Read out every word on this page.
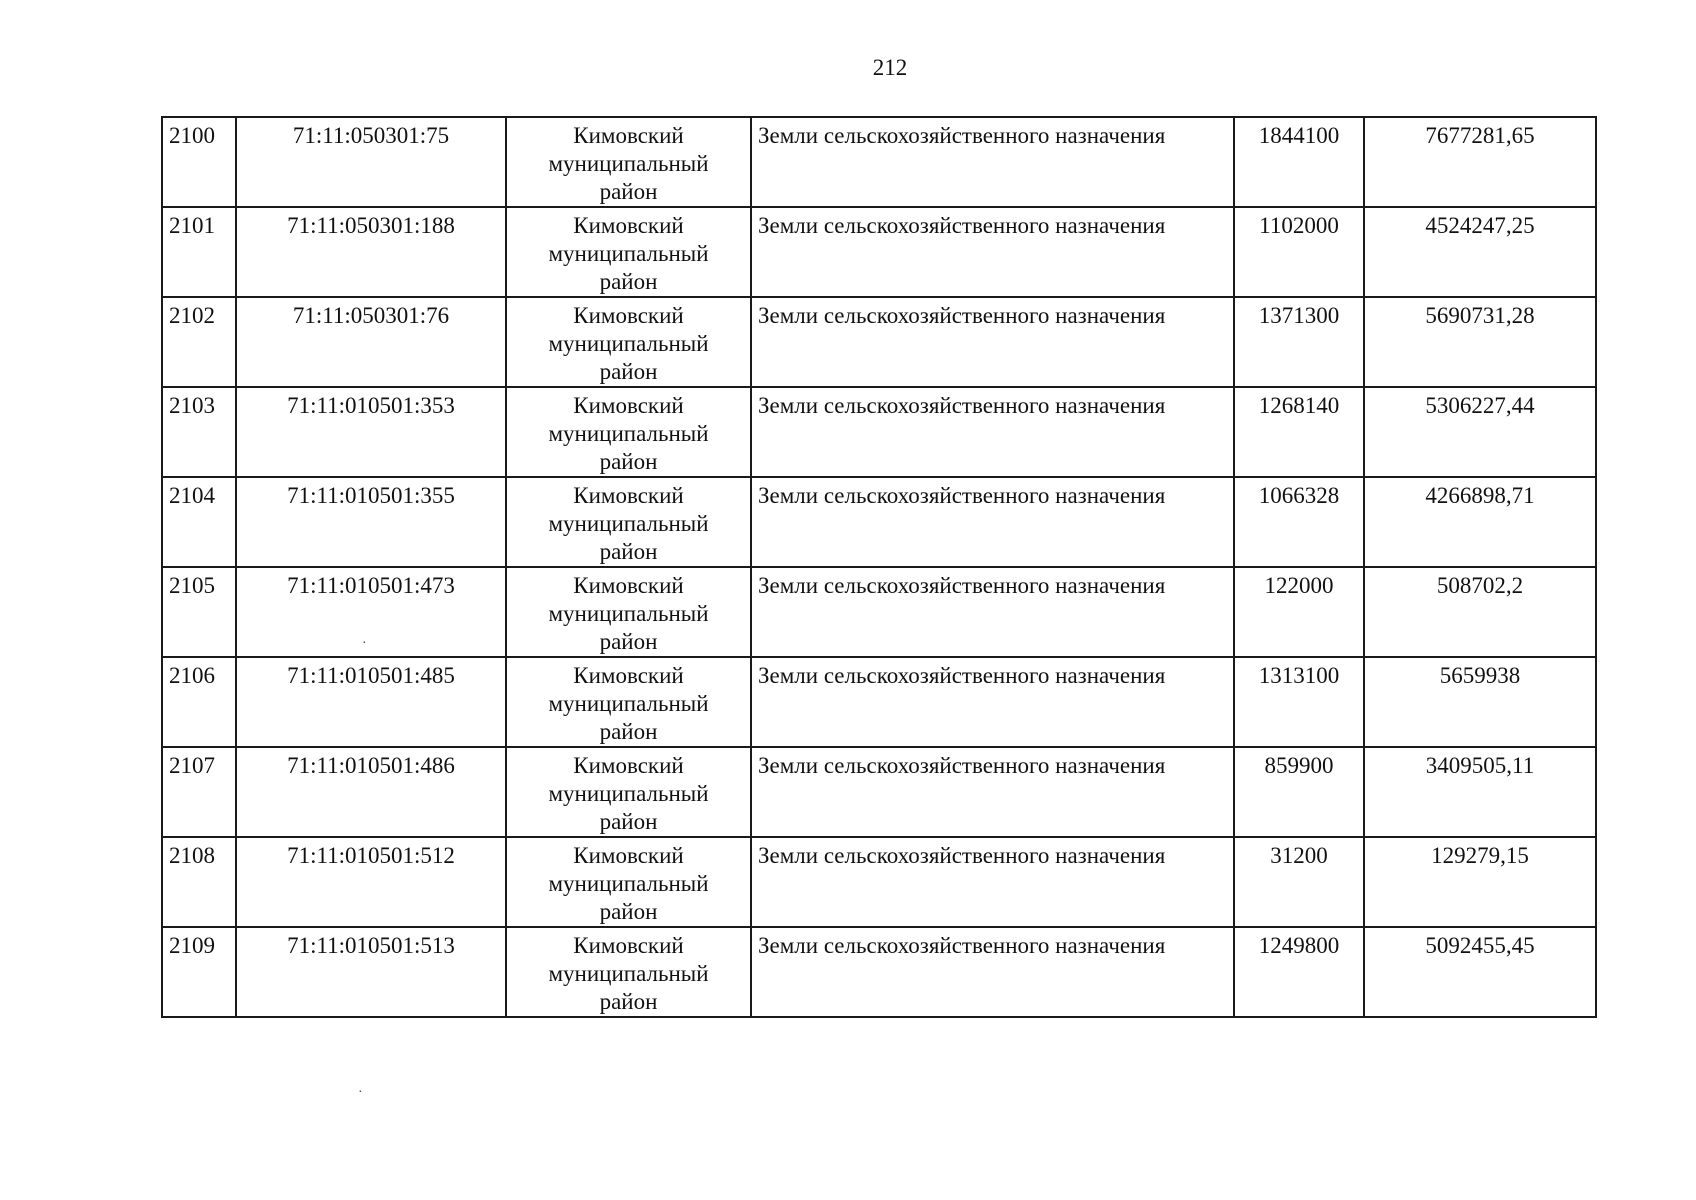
212
2100	71:11:050301:75	Кимовский
муниципальный
район	Земли сельскохозяйственного назначения	1844100	7677281,65
2101	71:11:050301:188	Кимовский
муниципальный
район	Земли сельскохозяйственного назначения	1102000	4524247,25
2102	71:11:050301:76	Кимовский
муниципальный
район	Земли сельскохозяйственного назначения	1371300	5690731,28
2103	71:11:010501:353	Кимовский
муниципальный
район	Земли сельскохозяйственного назначения	1268140	5306227,44
2104	71:11:010501:355	Кимовский
муниципальный
район	Земли сельскохозяйственного назначения	1066328	4266898,71
2105	71:11:010501:473	Кимовский
муниципальный
район	Земли сельскохозяйственного назначения	122000	508702,2
2106	71:11:010501:485	Кимовский
муниципальный
район	Земли сельскохозяйственного назначения	1313100	5659938
2107	71:11:010501:486	Кимовский
муниципальный
район	Земли сельскохозяйственного назначения	859900	3409505,11
2108	71:11:010501:512	Кимовский
муниципальный
район	Земли сельскохозяйственного назначения	31200	129279,15
2109	71:11:010501:513	Кимовский
муниципальный
район	Земли сельскохозяйственного назначения	1249800	5092455,45
·
·
